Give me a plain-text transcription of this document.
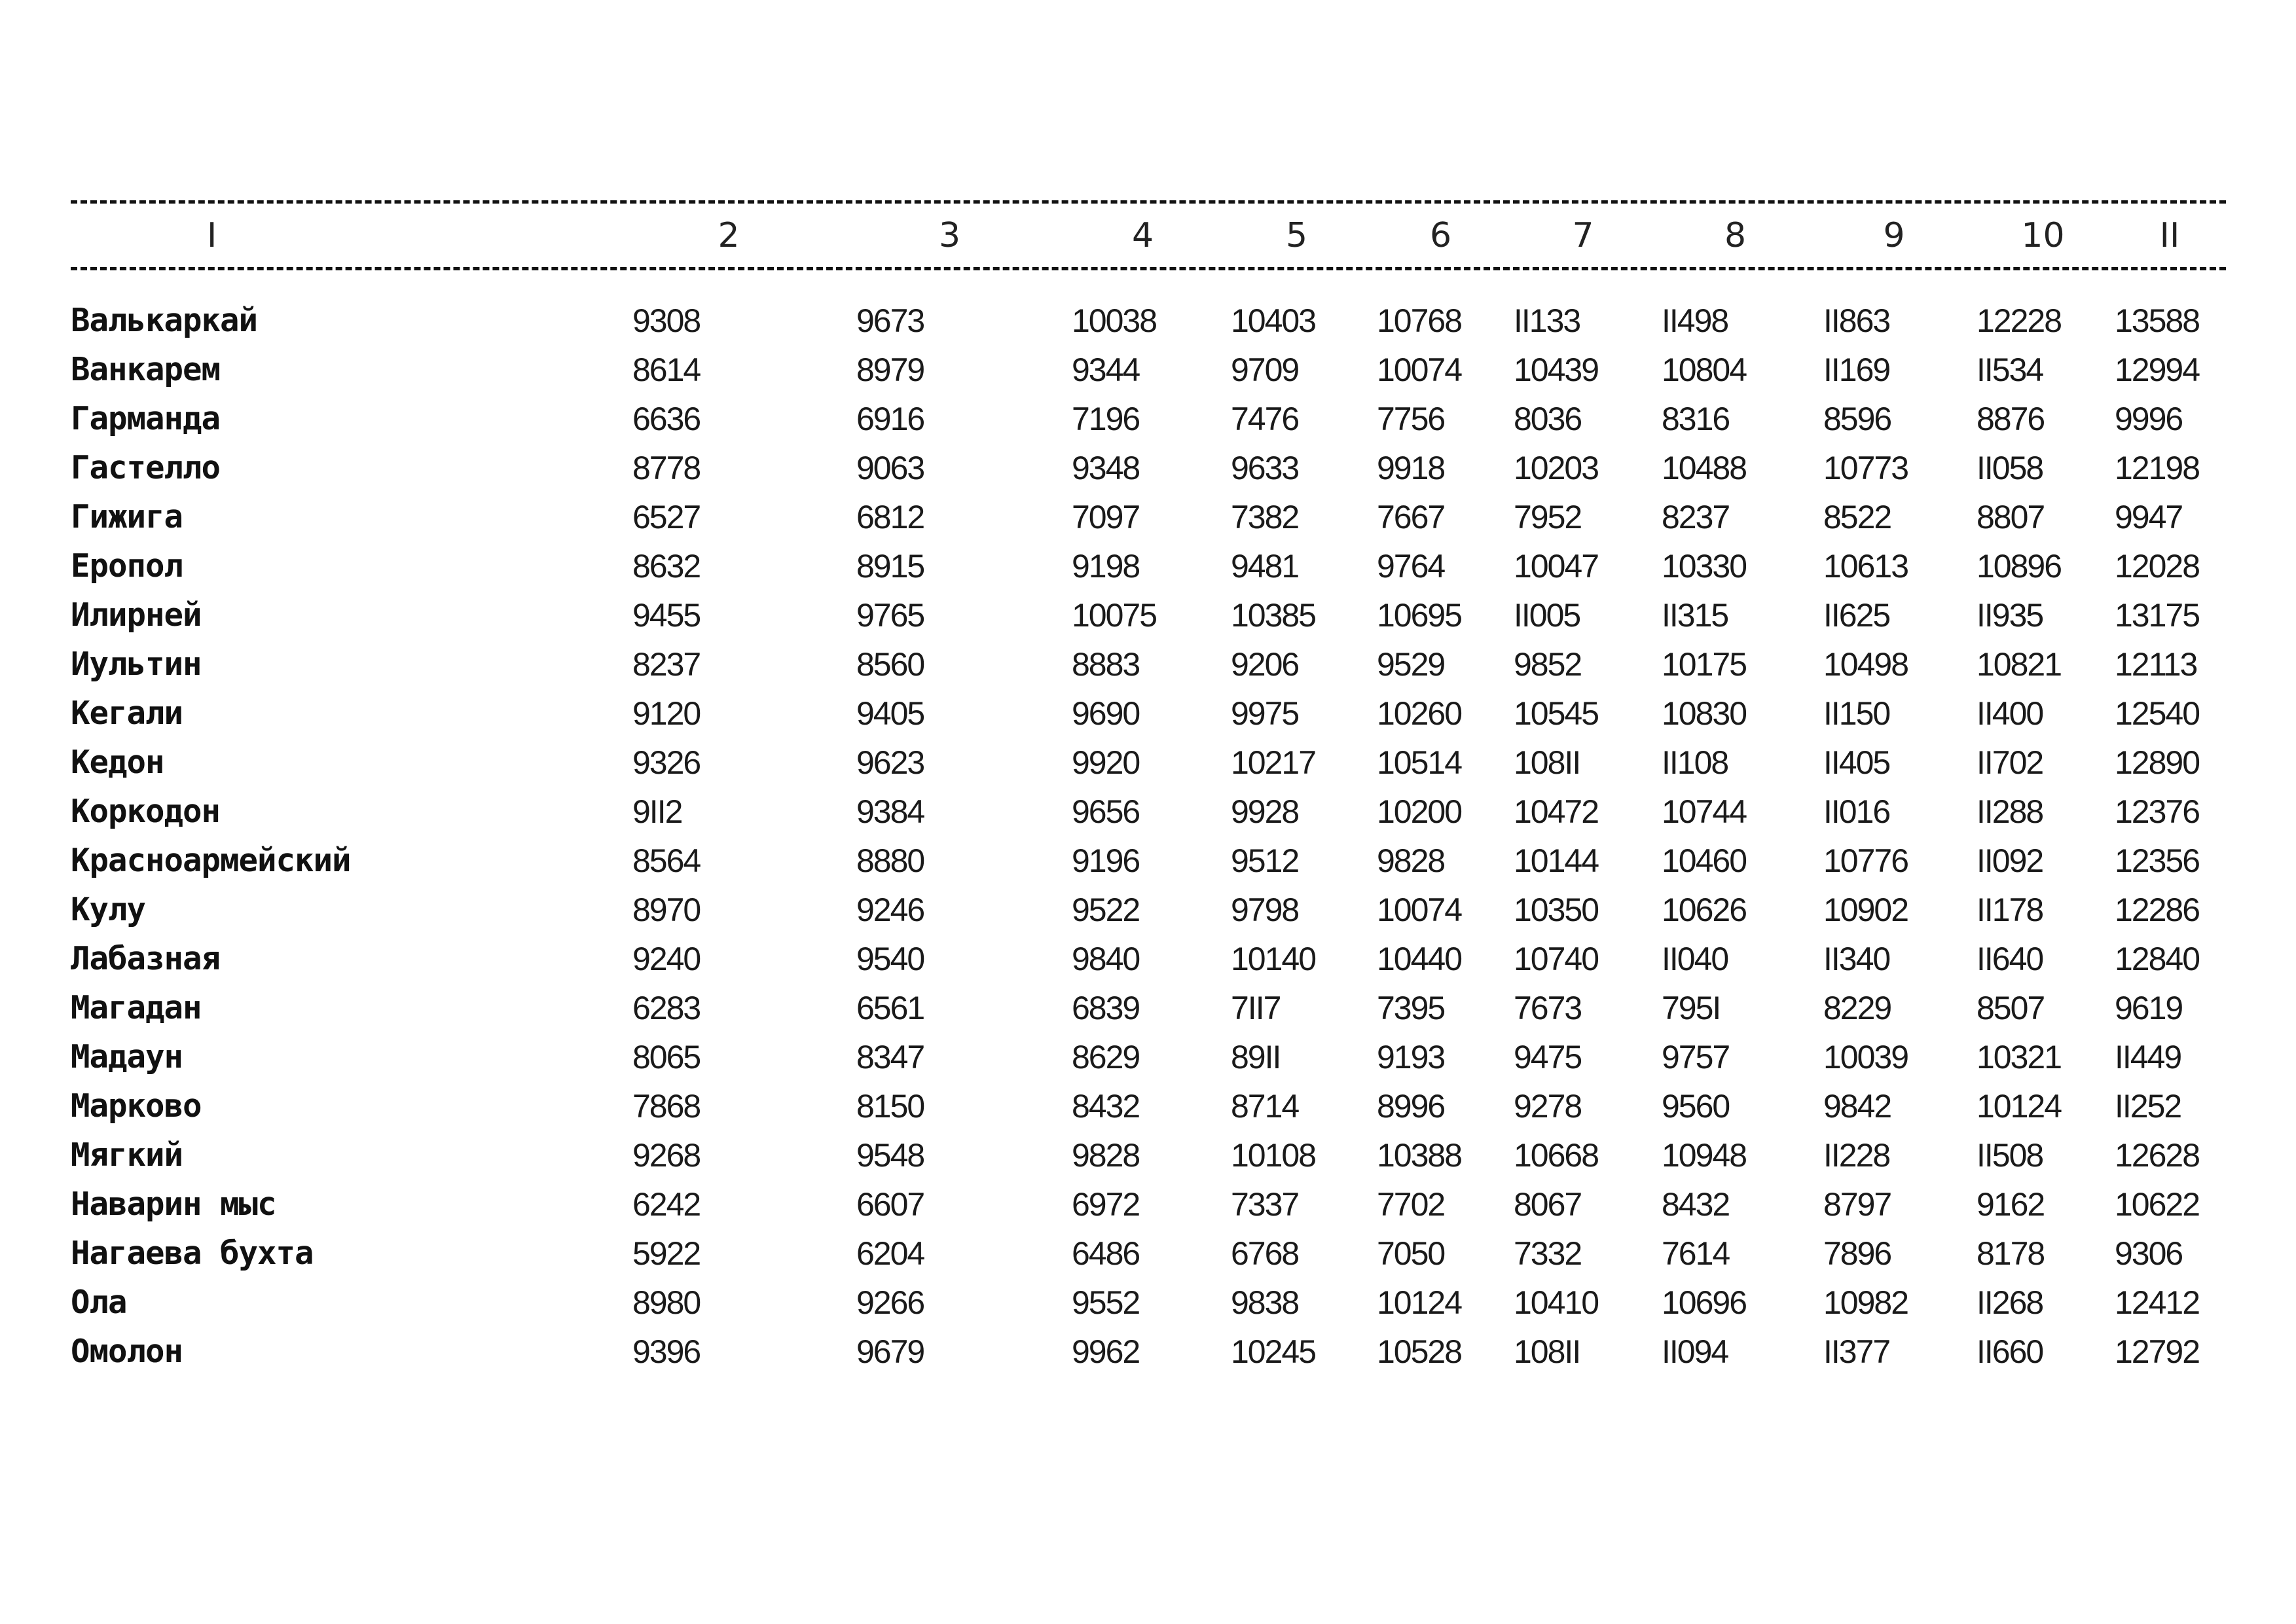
I	2	3	4	5	6	7	8	9	10	II

Валькаркай	9308	9673	10038	10403	10768	II133	II498	II863	12228	13588
Ванкарем	8614	8979	9344	9709	10074	10439	10804	II169	II534	12994
Гарманда	6636	6916	7196	7476	7756	8036	8316	8596	8876	9996
Гастелло	8778	9063	9348	9633	9918	10203	10488	10773	II058	12198
Гижига	6527	6812	7097	7382	7667	7952	8237	8522	8807	9947
Еропол	8632	8915	9198	9481	9764	10047	10330	10613	10896	12028
Илирней	9455	9765	10075	10385	10695	II005	II315	II625	II935	13175
Иультин	8237	8560	8883	9206	9529	9852	10175	10498	10821	12113
Кегали	9120	9405	9690	9975	10260	10545	10830	II150	II400	12540
Кедон	9326	9623	9920	10217	10514	108II	II108	II405	II702	12890
Коркодон	9II2	9384	9656	9928	10200	10472	10744	II016	II288	12376
Красноармейский	8564	8880	9196	9512	9828	10144	10460	10776	II092	12356
Кулу	8970	9246	9522	9798	10074	10350	10626	10902	II178	12286
Лабазная	9240	9540	9840	10140	10440	10740	II040	II340	II640	12840
Магадан	6283	6561	6839	7II7	7395	7673	795I	8229	8507	9619
Мадаун	8065	8347	8629	89II	9193	9475	9757	10039	10321	II449
Марково	7868	8150	8432	8714	8996	9278	9560	9842	10124	II252
Мягкий	9268	9548	9828	10108	10388	10668	10948	II228	II508	12628
Наварин мыс	6242	6607	6972	7337	7702	8067	8432	8797	9162	10622
Нагаева бухта	5922	6204	6486	6768	7050	7332	7614	7896	8178	9306
Ола	8980	9266	9552	9838	10124	10410	10696	10982	II268	12412
Омолон	9396	9679	9962	10245	10528	108II	II094	II377	II660	12792
